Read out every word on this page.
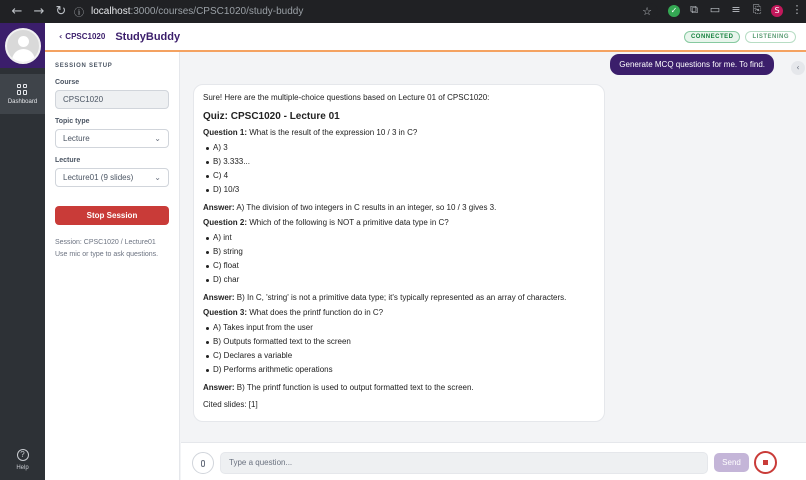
← → ↻ ⓘ localhost :3000/courses/CPSC1020/study-buddy	☆	✓ ⧉ ▭ ≡ ⎘	S	⋮
Dashboard
?
Help
‹ CPSC1020 StudyBuddy	CONNECTED	LISTENING
SESSION SETUP
Course
CPSC1020
Topic type
Lecture	⌄
Lecture
Lecture01 (9 slides)	⌄
Stop Session
Session: CPSC1020 / Lecture01
Use mic or type to ask questions.
Generate MCQ questions for me. To find.	‹
Sure! Here are the multiple-choice questions based on Lecture 01 of CPSC1020:
Quiz: CPSC1020 - Lecture 01
Question 1: What is the result of the expression 10 / 3 in C?
A) 3
B) 3.333...
C) 4
D) 10/3
Answer: A) The division of two integers in C results in an integer, so 10 / 3 gives 3.
Question 2: Which of the following is NOT a primitive data type in C?
A) int
B) string
C) float
D) char
Answer: B) In C, 'string' is not a primitive data type; it's typically represented as an array of characters.
Question 3: What does the printf function do in C?
A) Takes input from the user
B) Outputs formatted text to the screen
C) Declares a variable
D) Performs arithmetic operations
Answer: B) The printf function is used to output formatted text to the screen.
Cited slides: [1]
Type a question...	Send
